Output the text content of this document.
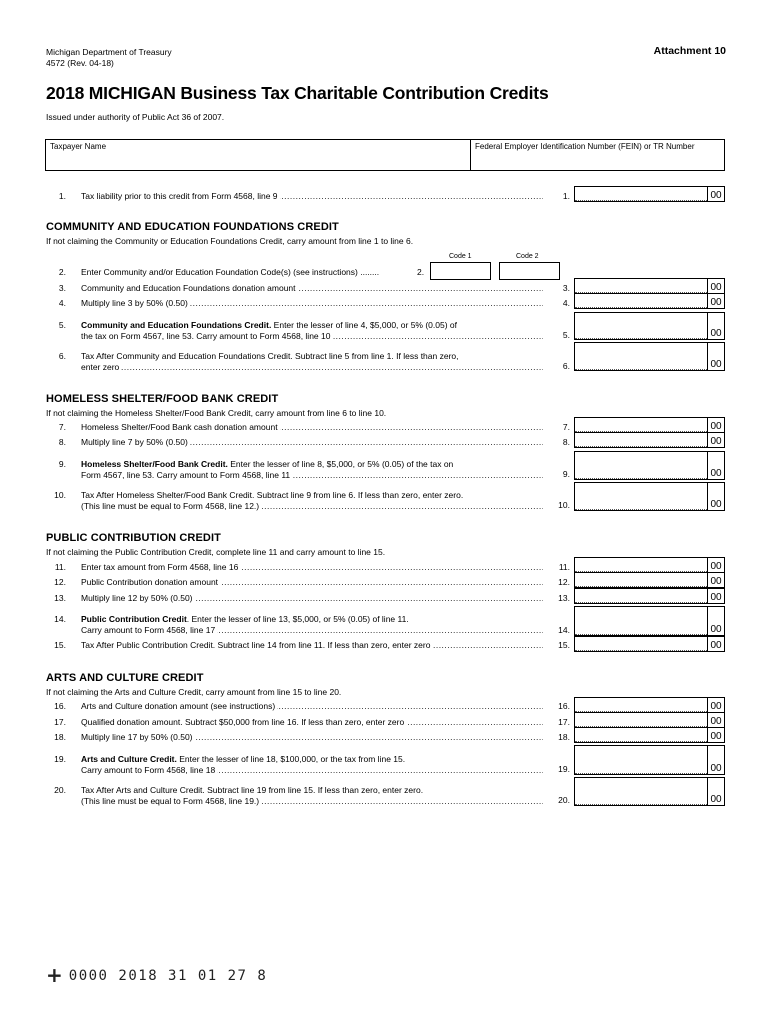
Michigan Department of Treasury
4572 (Rev. 04-18)
Attachment 10
2018 MICHIGAN Business Tax Charitable Contribution Credits
Issued under authority of Public Act 36 of 2007.
Taxpayer Name	Federal Employer Identification Number (FEIN) or TR Number
1. Tax liability prior to this credit from Form 4568, line 9 .....	1.	00
COMMUNITY AND EDUCATION FOUNDATIONS CREDIT
If not claiming the Community or Education Foundations Credit, carry amount from line 1 to line 6.
Code 1	Code 2
2. Enter Community and/or Education Foundation Code(s) (see instructions) ........	2.
3. Community and Education Foundations donation amount .....	3.	00
4. Multiply line 3 by 50% (0.50) .....	4.	00
5. Community and Education Foundations Credit. Enter the lesser of line 4, $5,000, or 5% (0.05) of
the tax on Form 4567, line 53. Carry amount to Form 4568, line 10 .....	5.	00
6. Tax After Community and Education Foundations Credit. Subtract line 5 from line 1. If less than zero,
enter zero .....	6.	00
HOMELESS SHELTER/FOOD BANK CREDIT
If not claiming the Homeless Shelter/Food Bank Credit, carry amount from line 6 to line 10.
7. Homeless Shelter/Food Bank cash donation amount .....	7.	00
8. Multiply line 7 by 50% (0.50) .....	8.	00
9. Homeless Shelter/Food Bank Credit. Enter the lesser of line 8, $5,000, or 5% (0.05) of the tax on
Form 4567, line 53. Carry amount to Form 4568, line 11 .....	9.	00
10. Tax After Homeless Shelter/Food Bank Credit. Subtract line 9 from line 6. If less than zero, enter zero.
(This line must be equal to Form 4568, line 12.) .....	10.	00
PUBLIC CONTRIBUTION CREDIT
If not claiming the Public Contribution Credit, complete line 11 and carry amount to line 15.
11. Enter tax amount from Form 4568, line 16 .....	11.	00
12. Public Contribution donation amount .....	12.	00
13. Multiply line 12 by 50% (0.50) .....	13.	00
14. Public Contribution Credit. Enter the lesser of line 13, $5,000, or 5% (0.05) of line 11.
Carry amount to Form 4568, line 17 .....	14.	00
15. Tax After Public Contribution Credit. Subtract line 14 from line 11. If less than zero, enter zero .....	15.	00
ARTS AND CULTURE CREDIT
If not claiming the Arts and Culture Credit, carry amount from line 15 to line 20.
16. Arts and Culture donation amount (see instructions) .....	16.	00
17. Qualified donation amount. Subtract $50,000 from line 16. If less than zero, enter zero .....	17.	00
18. Multiply line 17 by 50% (0.50) .....	18.	00
19. Arts and Culture Credit. Enter the lesser of line 18, $100,000, or the tax from line 15.
Carry amount to Form 4568, line 18 .....	19.	00
20. Tax After Arts and Culture Credit. Subtract line 19 from line 15. If less than zero, enter zero.
(This line must be equal to Form 4568, line 19.) .....	20.	00
+ 0000 2018 31 01 27 8
